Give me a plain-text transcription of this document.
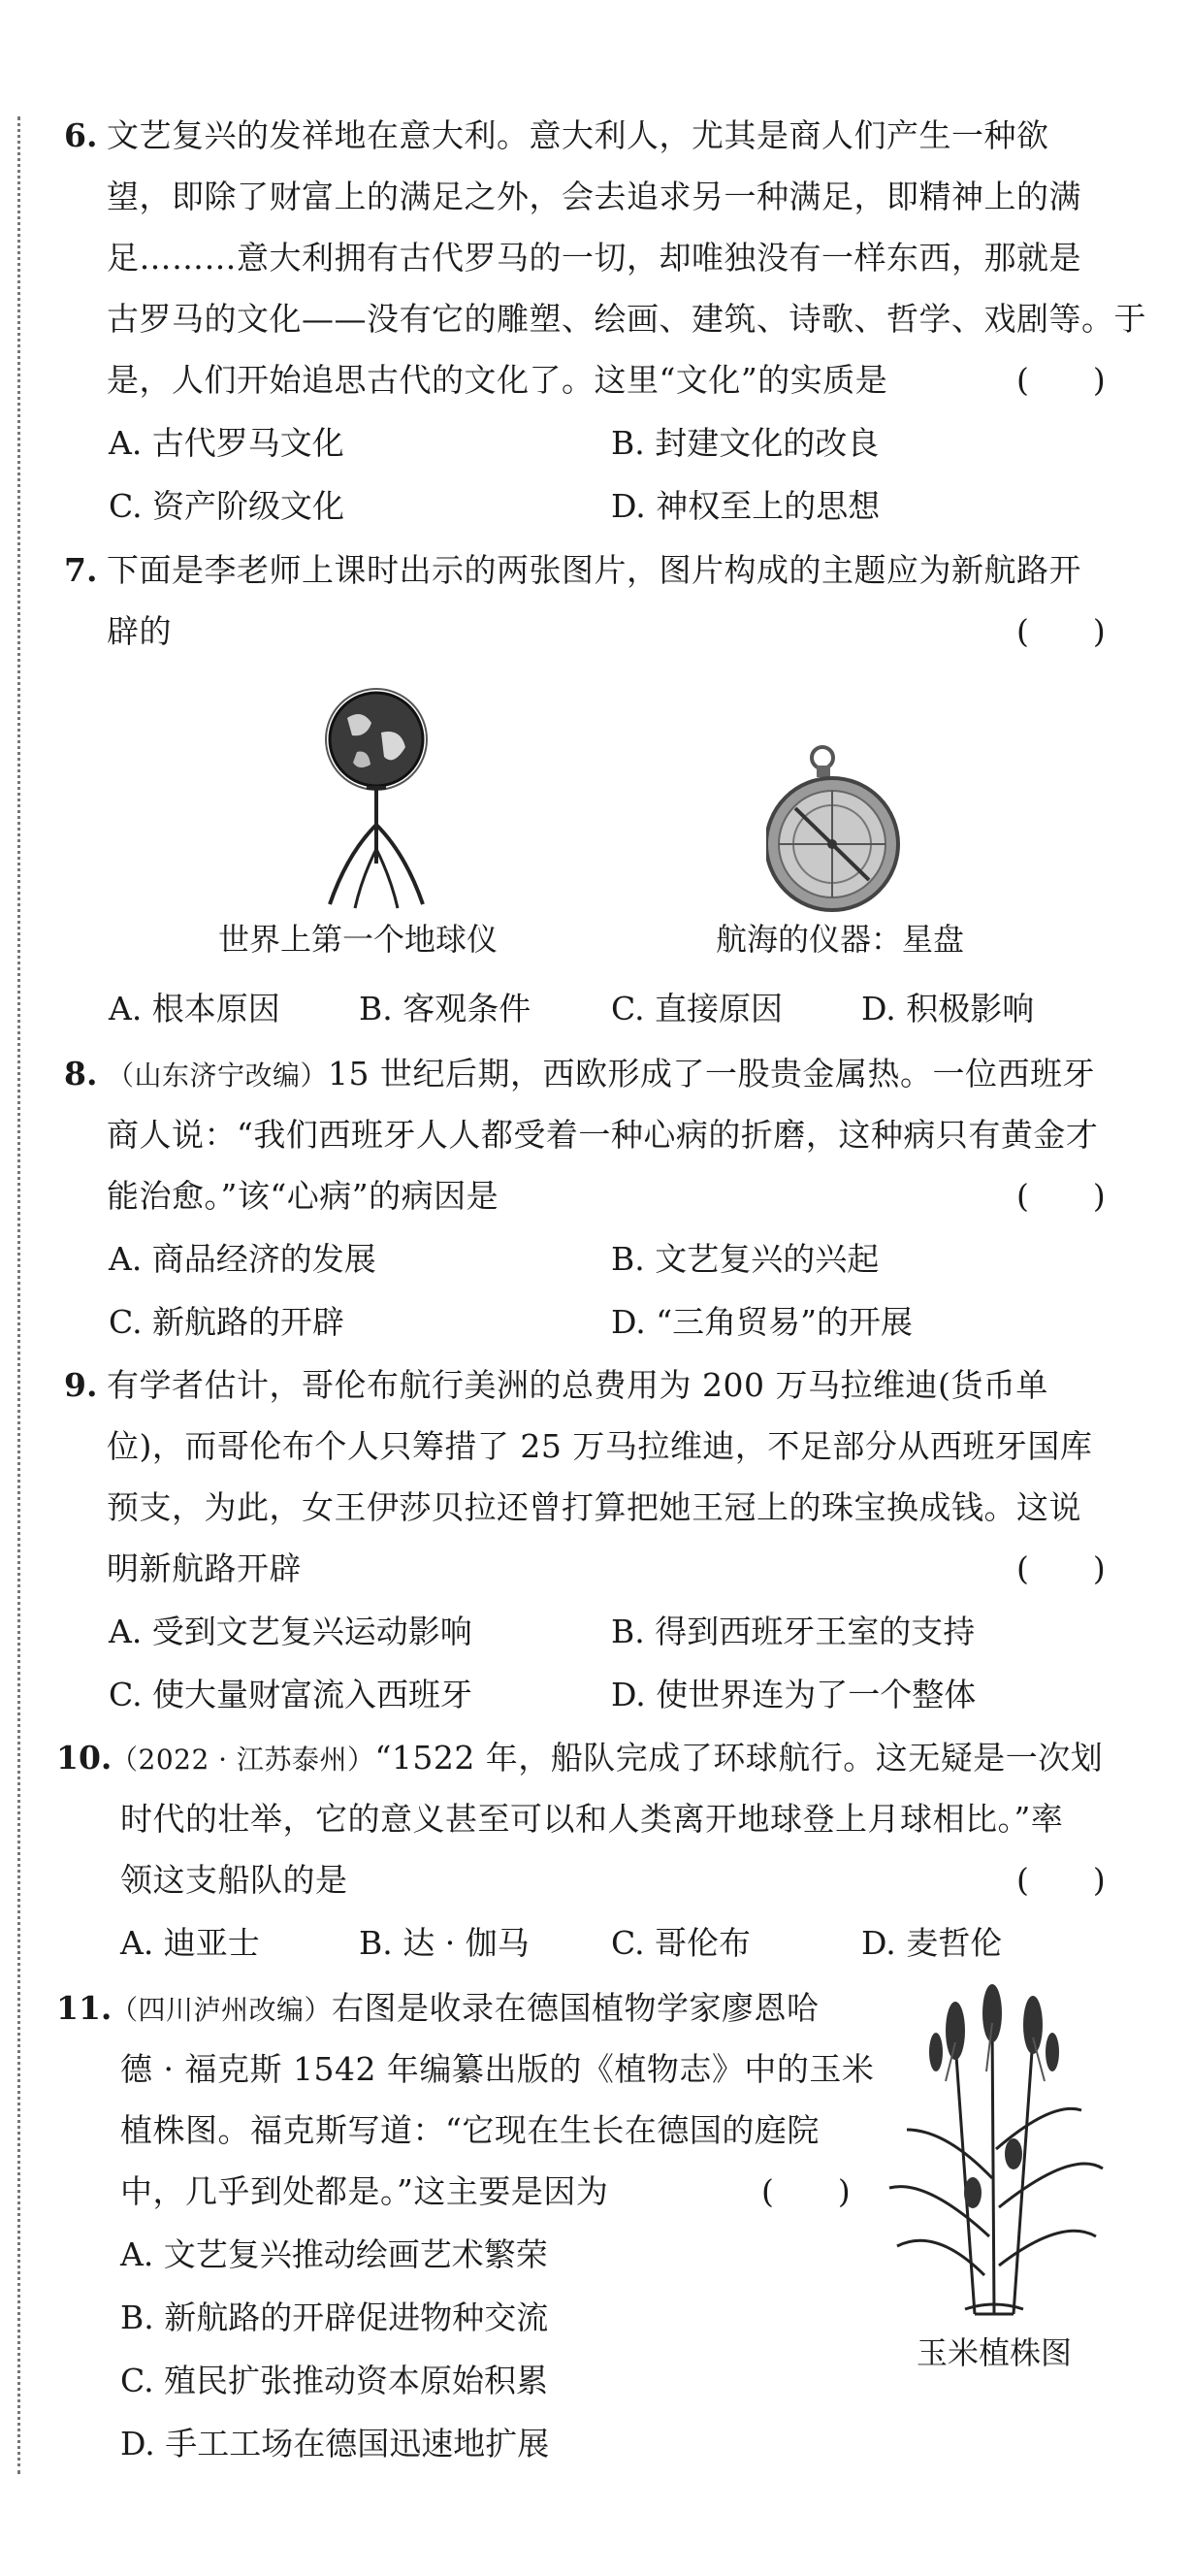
6. 文艺复兴的发祥地在意大利。意大利人，尤其是商人们产生一种欲
望，即除了财富上的满足之外，会去追求另一种满足，即精神上的满
足………意大利拥有古代罗马的一切，却唯独没有一样东西，那就是
古罗马的文化——没有它的雕塑、绘画、建筑、诗歌、哲学、戏剧等。于
是，人们开始追思古代的文化了。这里“文化”的实质是	(　　)
A. 古代罗马文化	B. 封建文化的改良
C. 资产阶级文化	D. 神权至上的思想
7. 下面是李老师上课时出示的两张图片，图片构成的主题应为新航路开
辟的	(　　)
世界上第一个地球仪	航海的仪器：星盘
A. 根本原因 B. 客观条件	C. 直接原因 D. 积极影响
8. （山东济宁改编）15 世纪后期，西欧形成了一股贵金属热。一位西班牙
商人说：“我们西班牙人人都受着一种心病的折磨，这种病只有黄金才
能治愈。”该“心病”的病因是	(　　)
A. 商品经济的发展	B. 文艺复兴的兴起
C. 新航路的开辟	D. “三角贸易”的开展
9. 有学者估计，哥伦布航行美洲的总费用为 200 万马拉维迪(货币单
位)，而哥伦布个人只筹措了 25 万马拉维迪，不足部分从西班牙国库
预支，为此，女王伊莎贝拉还曾打算把她王冠上的珠宝换成钱。这说
明新航路开辟	(　　)
A. 受到文艺复兴运动影响	B. 得到西班牙王室的支持
C. 使大量财富流入西班牙	D. 使世界连为了一个整体
10.
（2022 · 江苏泰州）“1522 年，船队完成了环球航行。这无疑是一次划
时代的壮举，它的意义甚至可以和人类离开地球登上月球相比。”率
领这支船队的是	(　　)
A. 迪亚士	B. 达 · 伽马	C. 哥伦布	D. 麦哲伦
11.
（四川泸州改编）右图是收录在德国植物学家廖恩哈
德 · 福克斯 1542 年编纂出版的《植物志》中的玉米
植株图。福克斯写道：“它现在生长在德国的庭院
中，几乎到处都是。”这主要是因为	(　　)
A. 文艺复兴推动绘画艺术繁荣
B. 新航路的开辟促进物种交流
C. 殖民扩张推动资本原始积累
D. 手工工场在德国迅速地扩展
玉米植株图
